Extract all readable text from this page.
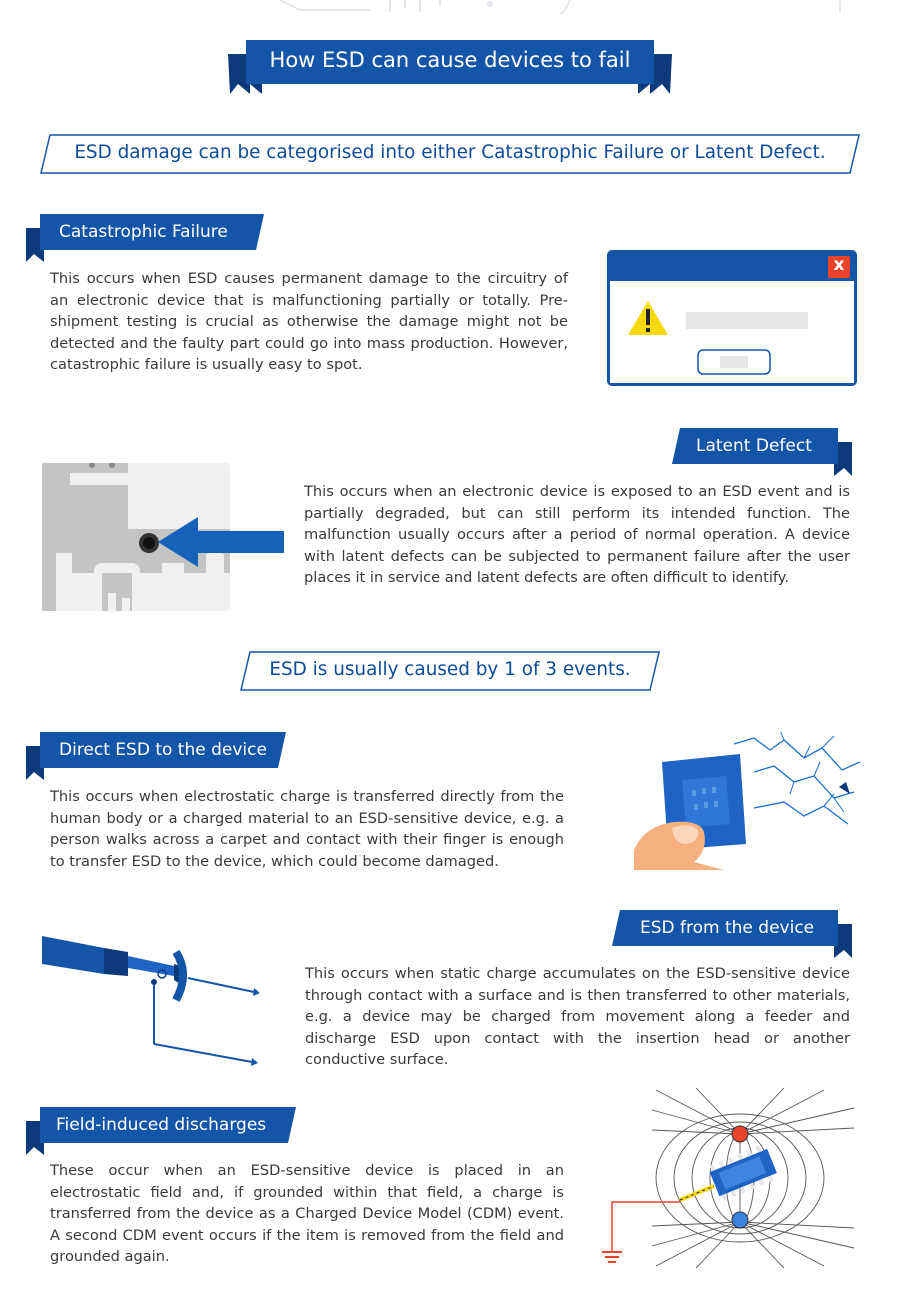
How ESD can cause devices to fail
ESD damage can be categorised into either Catastrophic Failure or Latent Defect.
Catastrophic Failure
This occurs when ESD causes permanent damage to the circuitry of an electronic device that is malfunctioning partially or totally. Pre-shipment testing is crucial as otherwise the damage might not be detected and the faulty part could go into mass production. However, catastrophic failure is usually easy to spot.
x
Latent Defect
This occurs when an electronic device is exposed to an ESD event and is partially degraded, but can still perform its intended function. The malfunction usually occurs after a period of normal operation. A device with latent defects can be subjected to permanent failure after the user places it in service and latent defects are often difficult to identify.
ESD is usually caused by 1 of 3 events.
Direct ESD to the device
This occurs when electrostatic charge is transferred directly from the human body or a charged material to an ESD-sensitive device, e.g. a person walks across a carpet and contact with their finger is enough to transfer ESD to the device, which could become damaged.
ESD from the device
This occurs when static charge accumulates on the ESD-sensitive device through contact with a surface and is then transferred to other materials, e.g. a device may be charged from movement along a feeder and discharge ESD upon contact with the insertion head or another conductive surface.
Field-induced discharges
These occur when an ESD-sensitive device is placed in an electrostatic field and, if grounded within that field, a charge is transferred from the device as a Charged Device Model (CDM) event. A second CDM event occurs if the item is removed from the field and grounded again.
